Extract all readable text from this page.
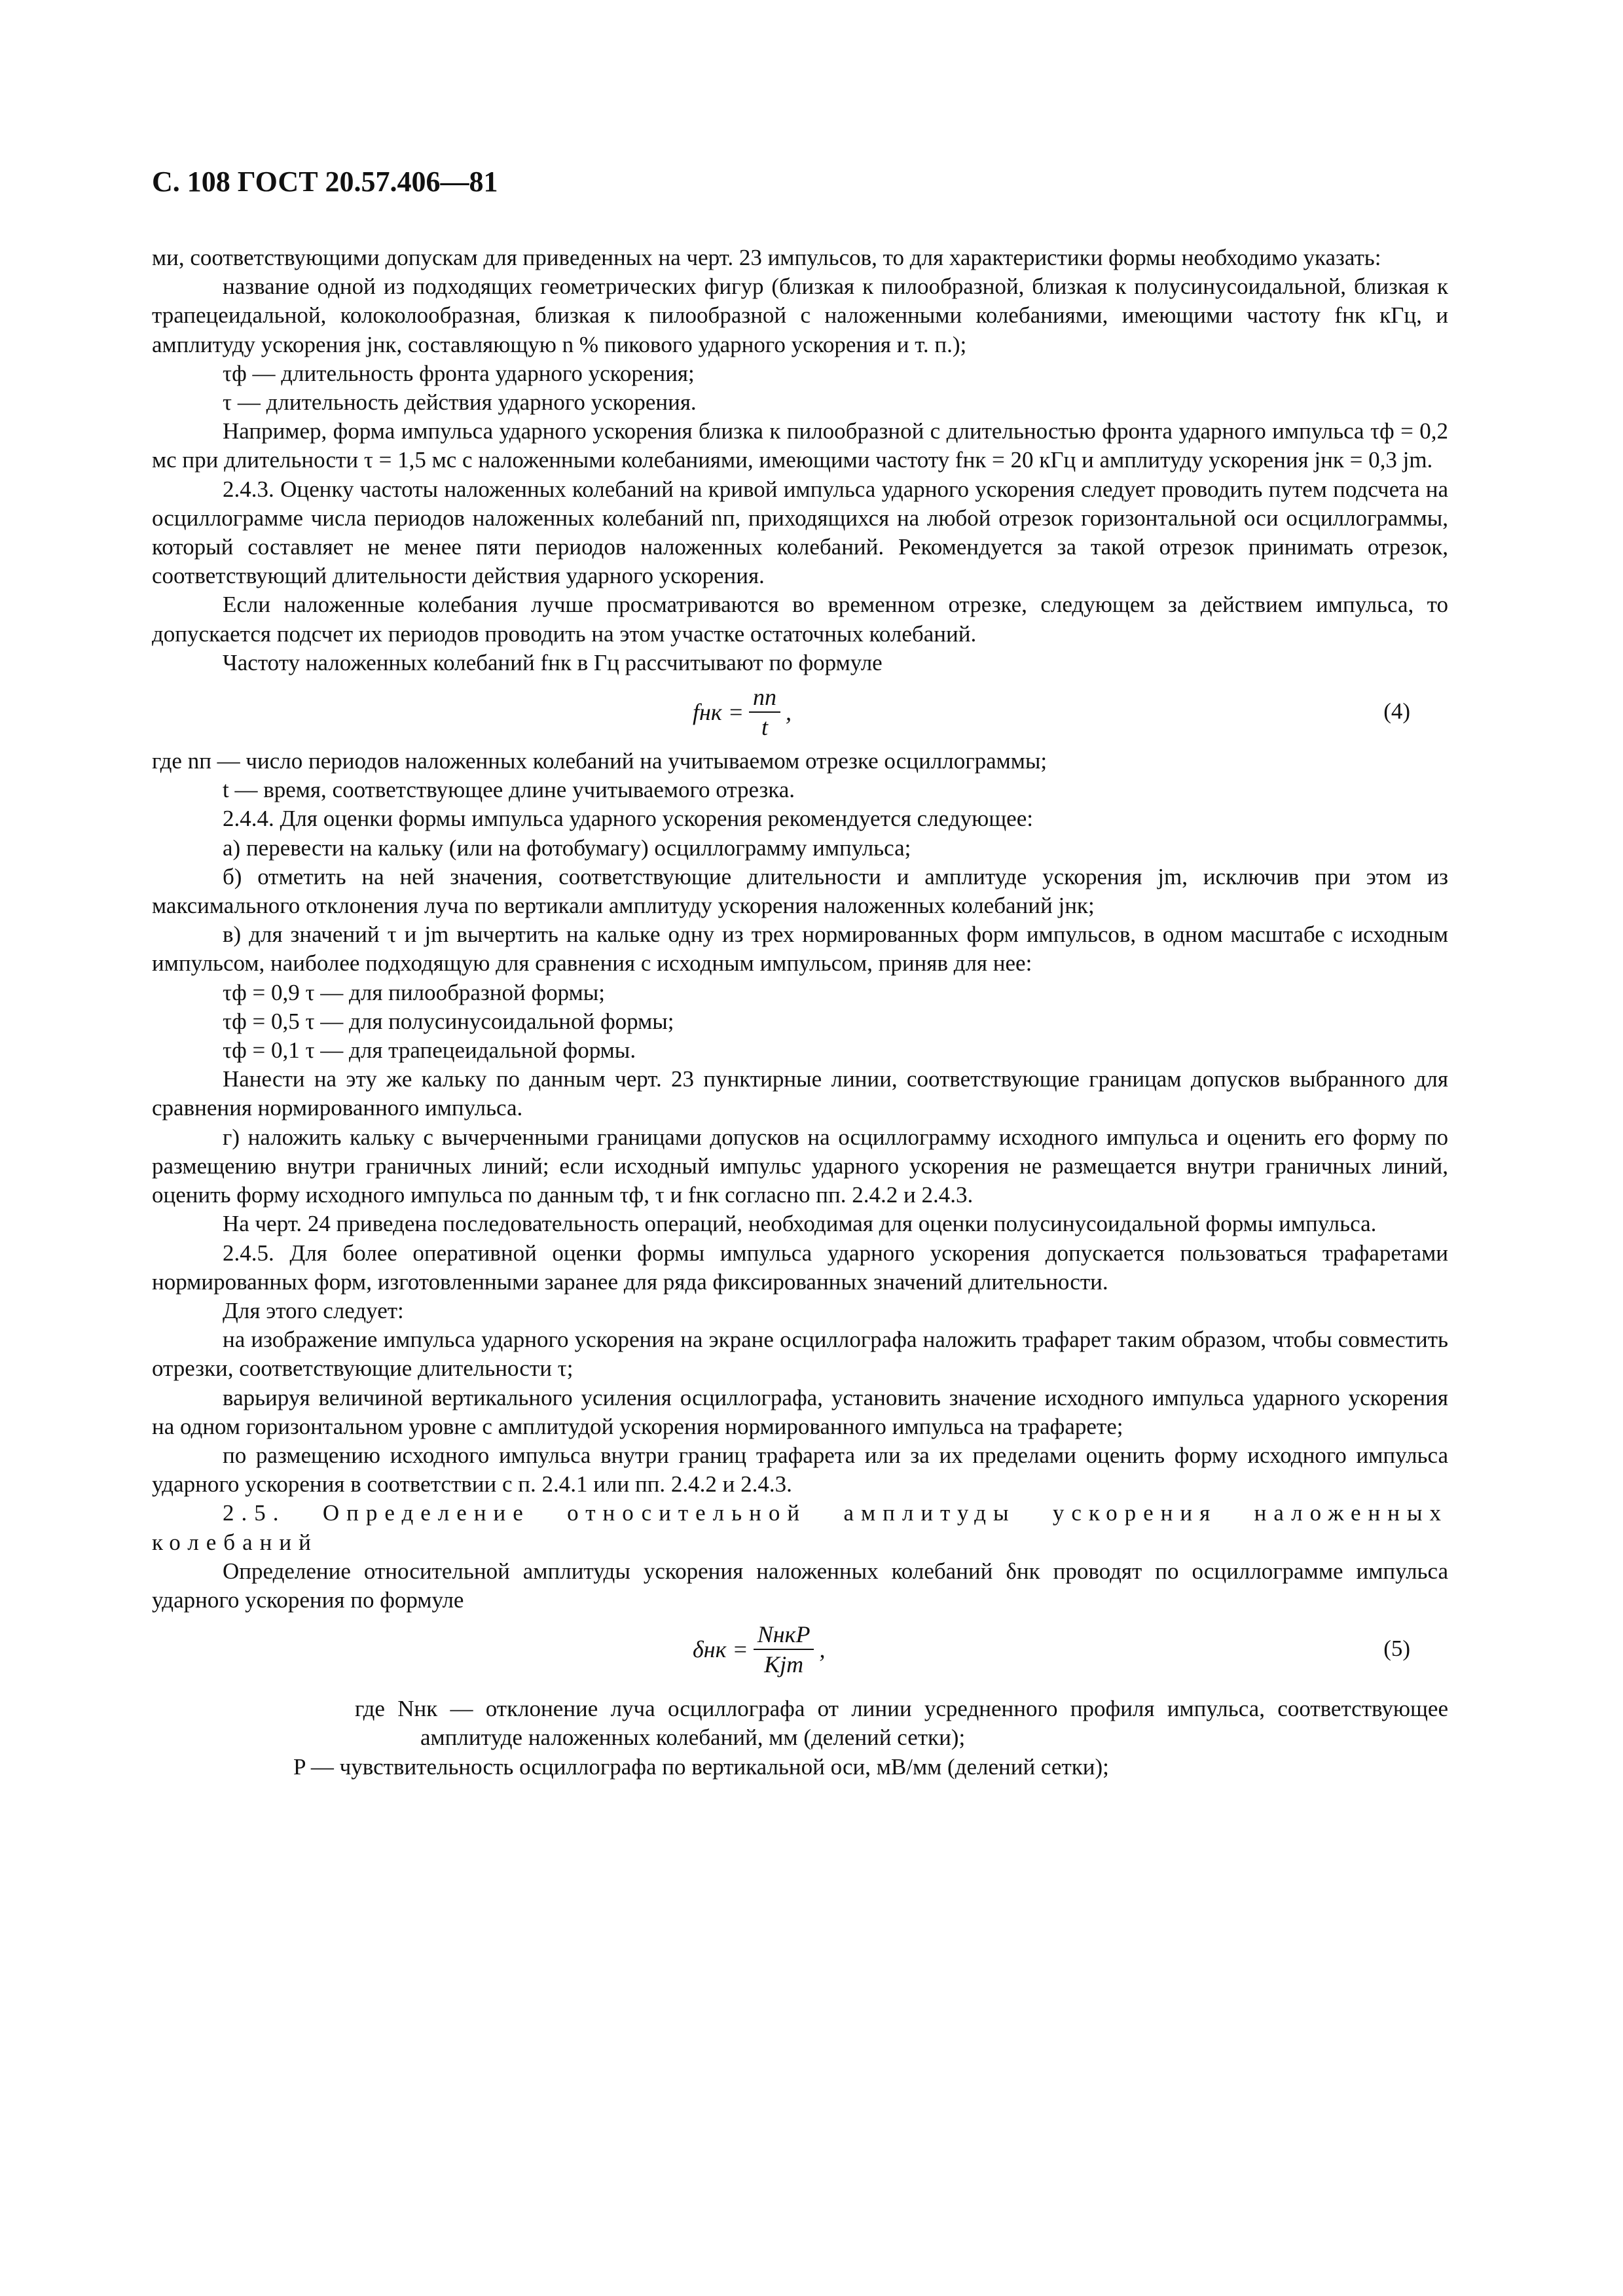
С. 108 ГОСТ 20.57.406—81

ми, соответствующими допускам для приведенных на черт. 23 импульсов, то для характеристики формы необходимо указать:

название одной из подходящих геометрических фигур (близкая к пилообразной, близкая к полусинусоидальной, близкая к трапецеидальной, колоколообразная, близкая к пилообразной с наложенными колебаниями, имеющими частоту fнк кГц, и амплитуду ускорения jнк, составляющую n % пикового ударного ускорения и т. п.);

τф — длительность фронта ударного ускорения;

τ — длительность действия ударного ускорения.

Например, форма импульса ударного ускорения близка к пилообразной с длительностью фронта ударного импульса τф = 0,2 мс при длительности τ = 1,5 мс с наложенными колебаниями, имеющими частоту fнк = 20 кГц и амплитуду ускорения jнк = 0,3 jm.

2.4.3. Оценку частоты наложенных колебаний на кривой импульса ударного ускорения следует проводить путем подсчета на осциллограмме числа периодов наложенных колебаний nп, приходящихся на любой отрезок горизонтальной оси осциллограммы, который составляет не менее пяти периодов наложенных колебаний. Рекомендуется за такой отрезок принимать отрезок, соответствующий длительности действия ударного ускорения.

Если наложенные колебания лучше просматриваются во временном отрезке, следующем за действием импульса, то допускается подсчет их периодов проводить на этом участке остаточных колебаний.

Частоту наложенных колебаний fнк в Гц рассчитывают по формуле

fнк = $\frac{nп}{t}$ ,	(4)

где nп — число периодов наложенных колебаний на учитываемом отрезке осциллограммы;

t — время, соответствующее длине учитываемого отрезка.

2.4.4. Для оценки формы импульса ударного ускорения рекомендуется следующее:

а) перевести на кальку (или на фотобумагу) осциллограмму импульса;

б) отметить на ней значения, соответствующие длительности и амплитуде ускорения jm, исключив при этом из максимального отклонения луча по вертикали амплитуду ускорения наложенных колебаний jнк;

в) для значений τ и jm вычертить на кальке одну из трех нормированных форм импульсов, в одном масштабе с исходным импульсом, наиболее подходящую для сравнения с исходным импульсом, приняв для нее:

τф = 0,9 τ — для пилообразной формы;

τф = 0,5 τ — для полусинусоидальной формы;

τф = 0,1 τ — для трапецеидальной формы.

Нанести на эту же кальку по данным черт. 23 пунктирные линии, соответствующие границам допусков выбранного для сравнения нормированного импульса.

г) наложить кальку с вычерченными границами допусков на осциллограмму исходного импульса и оценить его форму по размещению внутри граничных линий; если исходный импульс ударного ускорения не размещается внутри граничных линий, оценить форму исходного импульса по данным τф, τ и fнк согласно пп. 2.4.2 и 2.4.3.

На черт. 24 приведена последовательность операций, необходимая для оценки полусинусоидальной формы импульса.

2.4.5. Для более оперативной оценки формы импульса ударного ускорения допускается пользоваться трафаретами нормированных форм, изготовленными заранее для ряда фиксированных значений длительности.

Для этого следует:

на изображение импульса ударного ускорения на экране осциллографа наложить трафарет таким образом, чтобы совместить отрезки, соответствующие длительности τ;

варьируя величиной вертикального усиления осциллографа, установить значение исходного импульса ударного ускорения на одном горизонтальном уровне с амплитудой ускорения нормированного импульса на трафарете;

по размещению исходного импульса внутри границ трафарета или за их пределами оценить форму исходного импульса ударного ускорения в соответствии с п. 2.4.1 или пп. 2.4.2 и 2.4.3.

2.5. Определение относительной амплитуды ускорения наложенных колебаний

Определение относительной амплитуды ускорения наложенных колебаний δнк проводят по осциллограмме импульса ударного ускорения по формуле

$\delta нк = \frac{\text{NнкP}}{\text{Kjm}}$ ,	(5)

где Nнк — отклонение луча осциллографа от линии усредненного профиля импульса, соответствующее амплитуде наложенных колебаний, мм (делений сетки);

P — чувствительность осциллографа по вертикальной оси, мВ/мм (делений сетки);
